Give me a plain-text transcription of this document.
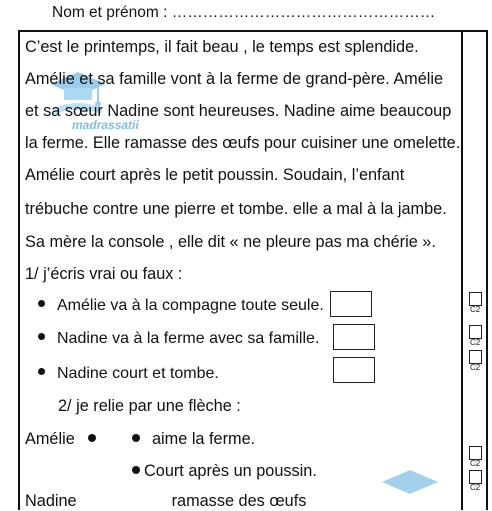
Nom et prénom : ……………………………………………
madrassatii
C’est le printemps, il fait beau , le temps est splendide.
Amélie et sa famille vont à la ferme de grand-père. Amélie
et sa sœur Nadine sont heureuses. Nadine aime beaucoup
la ferme. Elle ramasse des œufs pour cuisiner une omelette.
Amélie court après le petit poussin. Soudain, l’enfant
trébuche contre une pierre et tombe. elle a mal à la jambe.
Sa mère la console , elle dit « ne pleure pas ma chérie ».
1/ j’écris vrai ou faux :
Amélie va à la compagne toute seule.
Nadine va à la ferme avec sa famille.
Nadine court et tombe.
2/ je relie par une flèche :
Amélie	aime la ferme.
Court après un poussin.
Nadine                     ramasse des œufs
C2
C2
C2
C2
C2
